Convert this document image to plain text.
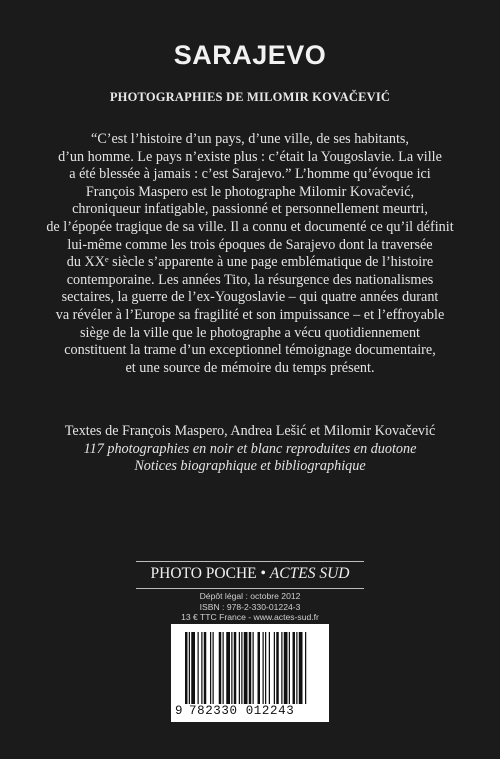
SARAJEVO
PHOTOGRAPHIES DE MILOMIR KOVAČEVIĆ
“C’est l’histoire d’un pays, d’une ville, de ses habitants,
d’un homme. Le pays n’existe plus : c’était la Yougoslavie. La ville
a été blessée à jamais : c’est Sarajevo.” L’homme qu’évoque ici
François Maspero est le photographe Milomir Kovačević,
chroniqueur infatigable, passionné et personnellement meurtri,
de l’épopée tragique de sa ville. Il a connu et documenté ce qu’il définit
lui-même comme les trois époques de Sarajevo dont la traversée
du XXᵉ siècle s’apparente à une page emblématique de l’histoire
contemporaine. Les années Tito, la résurgence des nationalismes
sectaires, la guerre de l’ex-Yougoslavie – qui quatre années durant
va révéler à l’Europe sa fragilité et son impuissance – et l’effroyable
siège de la ville que le photographe a vécu quotidiennement
constituent la trame d’un exceptionnel témoignage documentaire,
et une source de mémoire du temps présent.
Textes de François Maspero, Andrea Lešić et Milomir Kovačević
117 photographies en noir et blanc reproduites en duotone
Notices biographique et bibliographique
PHOTO POCHE • ACTES SUD
Dépôt légal : octobre 2012
ISBN : 978-2-330-01224-3
13 € TTC France - www.actes-sud.fr
9 782330 012243
